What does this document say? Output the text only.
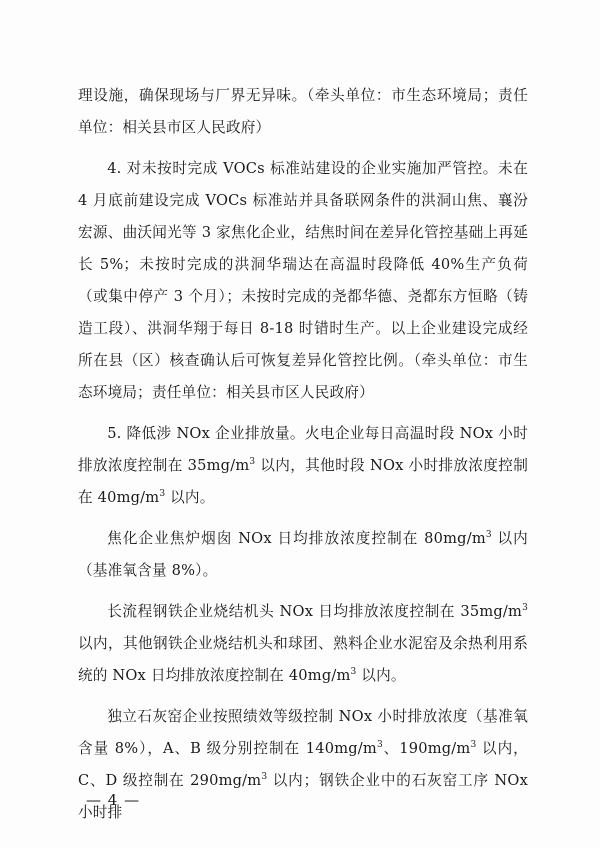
理设施，确保现场与厂界无异味。（牵头单位：市生态环境局；责任单位：相关县市区人民政府）

4. 对未按时完成 VOCs 标准站建设的企业实施加严管控。未在 4 月底前建设完成 VOCs 标准站并具备联网条件的洪洞山焦、襄汾宏源、曲沃闻光等 3 家焦化企业，结焦时间在差异化管控基础上再延长 5%；未按时完成的洪洞华瑞达在高温时段降低 40%生产负荷（或集中停产 3 个月）；未按时完成的尧都华德、尧都东方恒略（铸造工段）、洪洞华翔于每日 8-18 时错时生产。以上企业建设完成经所在县（区）核查确认后可恢复差异化管控比例。（牵头单位：市生态环境局；责任单位：相关县市区人民政府）

5. 降低涉 NOx 企业排放量。火电企业每日高温时段 NOx 小时排放浓度控制在 $35mg/m^3$ 以内，其他时段 NOx 小时排放浓度控制在 $40mg/m^3$ 以内。

焦化企业焦炉烟囱 NOx 日均排放浓度控制在 $80mg/m^3$ 以内（基准氧含量 8%）。

长流程钢铁企业烧结机头 NOx 日均排放浓度控制在 $35mg/m^3$ 以内，其他钢铁企业烧结机头和球团、熟料企业水泥窑及余热利用系统的 NOx 日均排放浓度控制在 $40mg/m^3$ 以内。

独立石灰窑企业按照绩效等级控制 NOx 小时排放浓度（基准氧含量 8%），A、B 级分别控制在 $140mg/m^3$、$190mg/m^3$ 以内，C、D 级控制在 $290mg/m^3$ 以内；钢铁企业中的石灰窑工序 NOx 小时排

— 4 —
